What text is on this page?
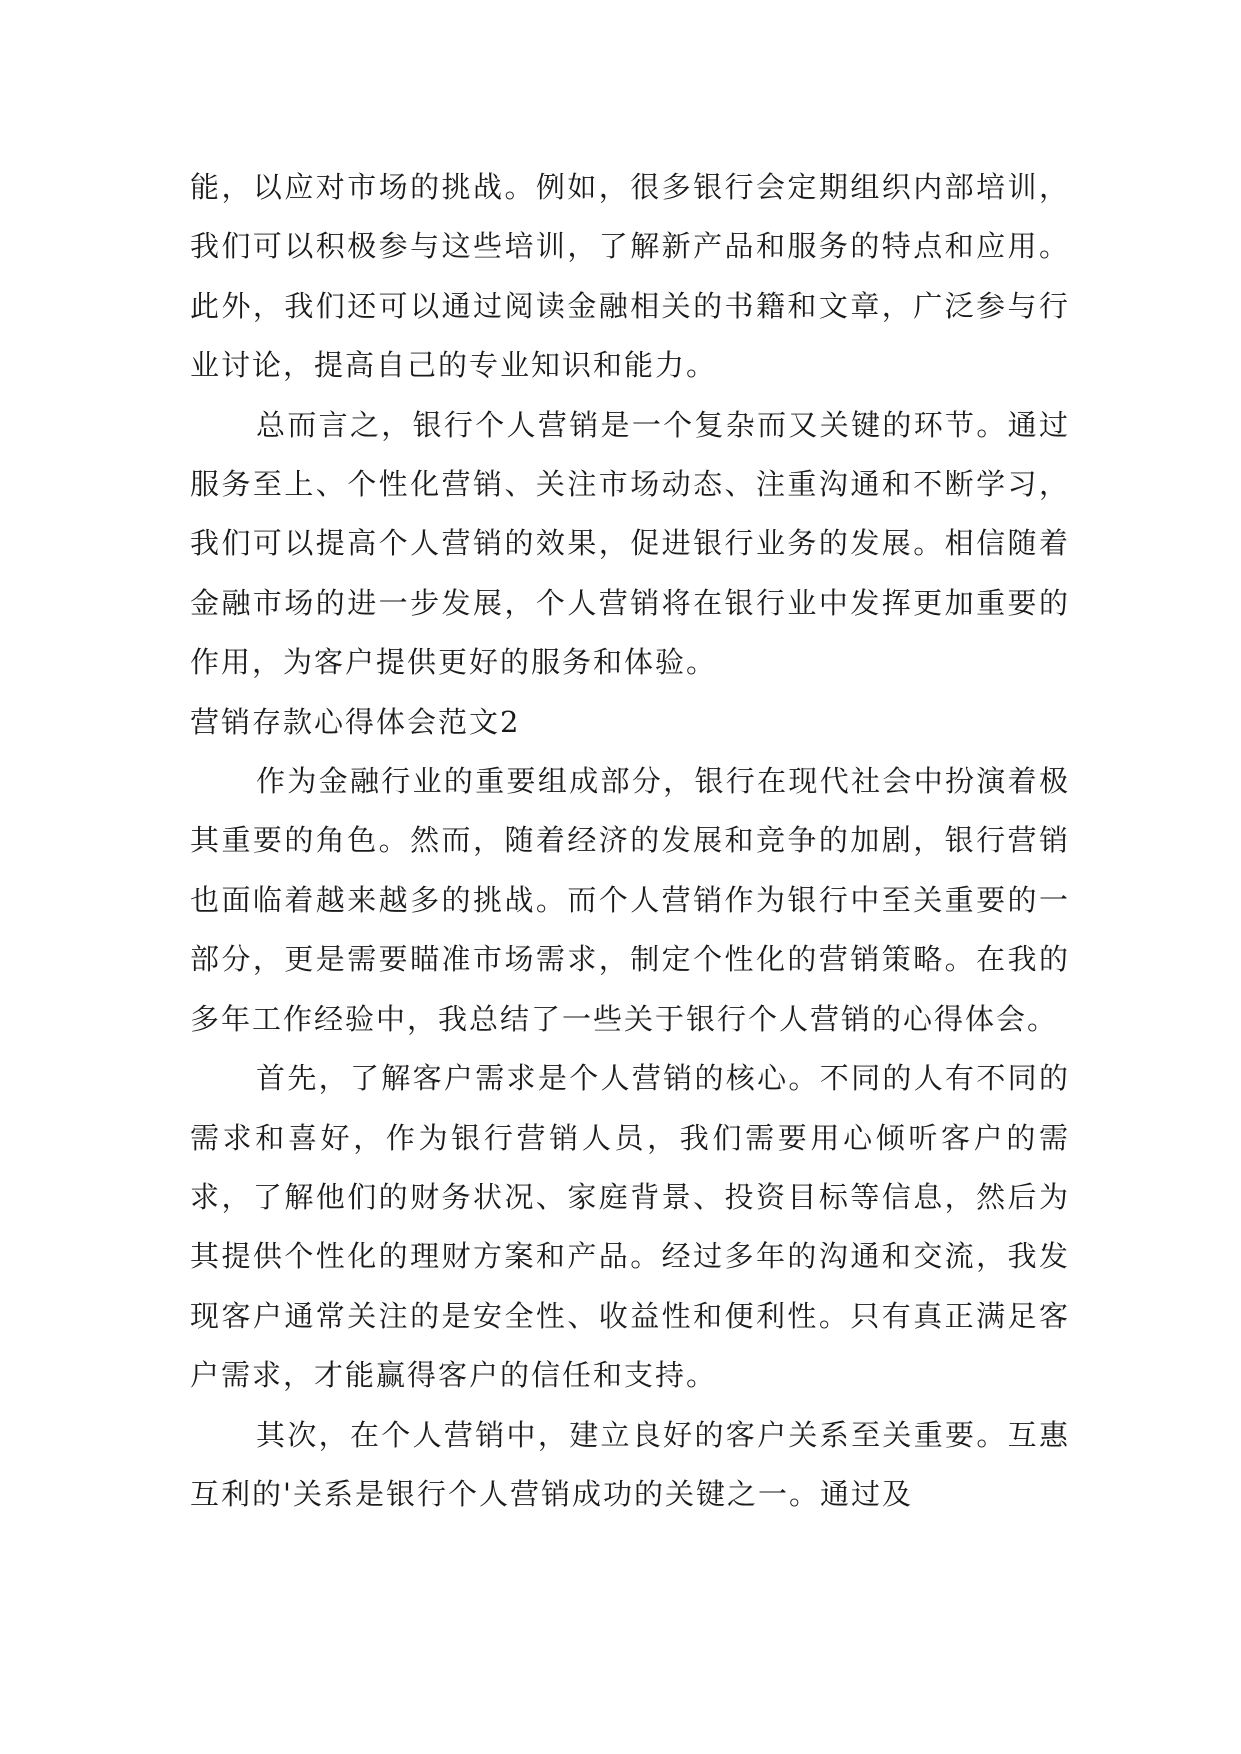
能，以应对市场的挑战。例如，很多银行会定期组织内部培训，我们可以积极参与这些培训，了解新产品和服务的特点和应用。此外，我们还可以通过阅读金融相关的书籍和文章，广泛参与行业讨论，提高自己的专业知识和能力。

总而言之，银行个人营销是一个复杂而又关键的环节。通过服务至上、个性化营销、关注市场动态、注重沟通和不断学习，我们可以提高个人营销的效果，促进银行业务的发展。相信随着金融市场的进一步发展，个人营销将在银行业中发挥更加重要的作用，为客户提供更好的服务和体验。

营销存款心得体会范文2

作为金融行业的重要组成部分，银行在现代社会中扮演着极其重要的角色。然而，随着经济的发展和竞争的加剧，银行营销也面临着越来越多的挑战。而个人营销作为银行中至关重要的一部分，更是需要瞄准市场需求，制定个性化的营销策略。在我的多年工作经验中，我总结了一些关于银行个人营销的心得体会。

首先，了解客户需求是个人营销的核心。不同的人有不同的需求和喜好，作为银行营销人员，我们需要用心倾听客户的需求，了解他们的财务状况、家庭背景、投资目标等信息，然后为其提供个性化的理财方案和产品。经过多年的沟通和交流，我发现客户通常关注的是安全性、收益性和便利性。只有真正满足客户需求，才能赢得客户的信任和支持。

其次，在个人营销中，建立良好的客户关系至关重要。互惠互利的'关系是银行个人营销成功的关键之一。通过及
